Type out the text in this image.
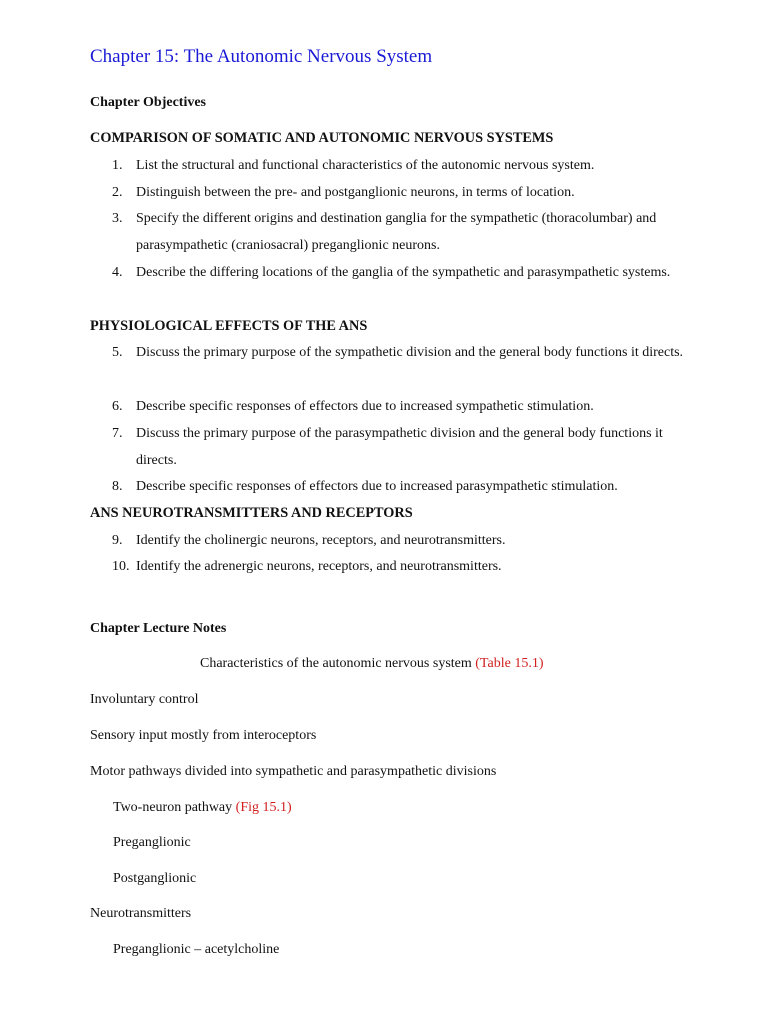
Chapter 15: The Autonomic Nervous System
Chapter Objectives
COMPARISON OF SOMATIC AND AUTONOMIC NERVOUS SYSTEMS
1. List the structural and functional characteristics of the autonomic nervous system.
2. Distinguish between the pre- and postganglionic neurons, in terms of location.
3. Specify the different origins and destination ganglia for the sympathetic (thoracolumbar) and parasympathetic (craniosacral) preganglionic neurons.
4. Describe the differing locations of the ganglia of the sympathetic and parasympathetic systems.
PHYSIOLOGICAL EFFECTS OF THE ANS
5. Discuss the primary purpose of the sympathetic division and the general body functions it directs.
6. Describe specific responses of effectors due to increased sympathetic stimulation.
7. Discuss the primary purpose of the parasympathetic division and the general body functions it directs.
8. Describe specific responses of effectors due to increased parasympathetic stimulation.
ANS NEUROTRANSMITTERS AND RECEPTORS
9. Identify the cholinergic neurons, receptors, and neurotransmitters.
10. Identify the adrenergic neurons, receptors, and neurotransmitters.
Chapter Lecture Notes
Characteristics of the autonomic nervous system (Table 15.1)
Involuntary control
Sensory input mostly from interoceptors
Motor pathways divided into sympathetic and parasympathetic divisions
Two-neuron pathway (Fig 15.1)
Preganglionic
Postganglionic
Neurotransmitters
Preganglionic – acetylcholine
